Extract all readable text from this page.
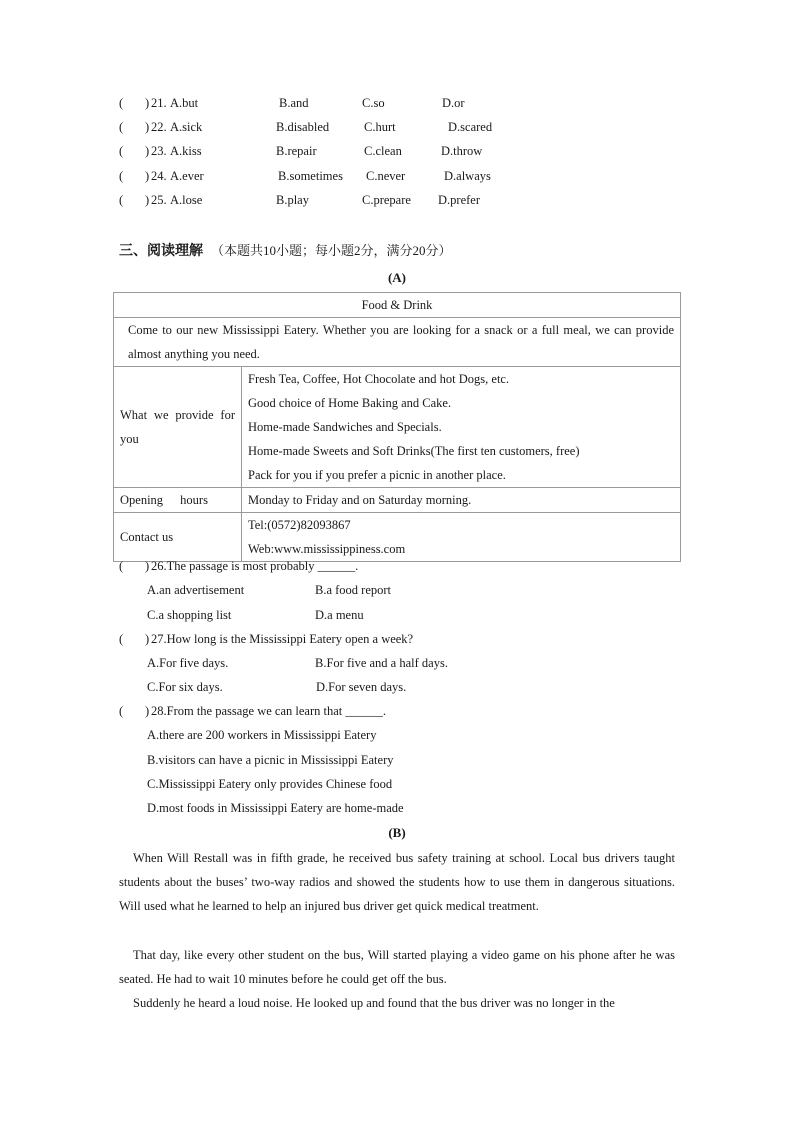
( ) 21. A.but	B.and	C.so	D.or
( ) 22. A.sick	B.disabled	C.hurt	D.scared
( ) 23. A.kiss	B.repair	C.clean	D.throw
( ) 24. A.ever	B.sometimes C.never	D.always
( ) 25. A.lose	B.play	C.prepare D.prefer
三、阅读理解 （本题共10小题；每小题2分，满分20分）
(A)
Food & Drink	
Come to our new Mississippi Eatery. Whether you are looking for a snack or a full meal, we can provide almost anything you need.	
What we provide for you	Fresh Tea, Coffee, Hot Chocolate and hot Dogs, etc.
Good choice of Home Baking and Cake.
Home-made Sandwiches and Specials.
Home-made Sweets and Soft Drinks(The first ten customers, free)
Pack for you if you prefer a picnic in another place.

Opening hours	Monday to Friday and on Saturday morning.
Contact us	Tel:(0572)82093867
Web:www.mississippiness.com
( ) 26.The passage is most probably ______.
A.an advertisement	B.a food report
C.a shopping list	D.a menu
( ) 27.How long is the Mississippi Eatery open a week?
A.For five days.	B.For five and a half days.
C.For six days.	D.For seven days.
( ) 28.From the passage we can learn that ______.
A.there are 200 workers in Mississippi Eatery
B.visitors can have a picnic in Mississippi Eatery
C.Mississippi Eatery only provides Chinese food
D.most foods in Mississippi Eatery are home-made
(B)
When Will Restall was in fifth grade, he received bus safety training at school. Local bus drivers taught students about the buses’ two-way radios and showed the students how to use them in dangerous situations. Will used what he learned to help an injured bus driver get quick medical treatment.
That day, like every other student on the bus, Will started playing a video game on his phone after he was seated. He had to wait 10 minutes before he could get off the bus.
Suddenly he heard a loud noise. He looked up and found that the bus driver was no longer in the
